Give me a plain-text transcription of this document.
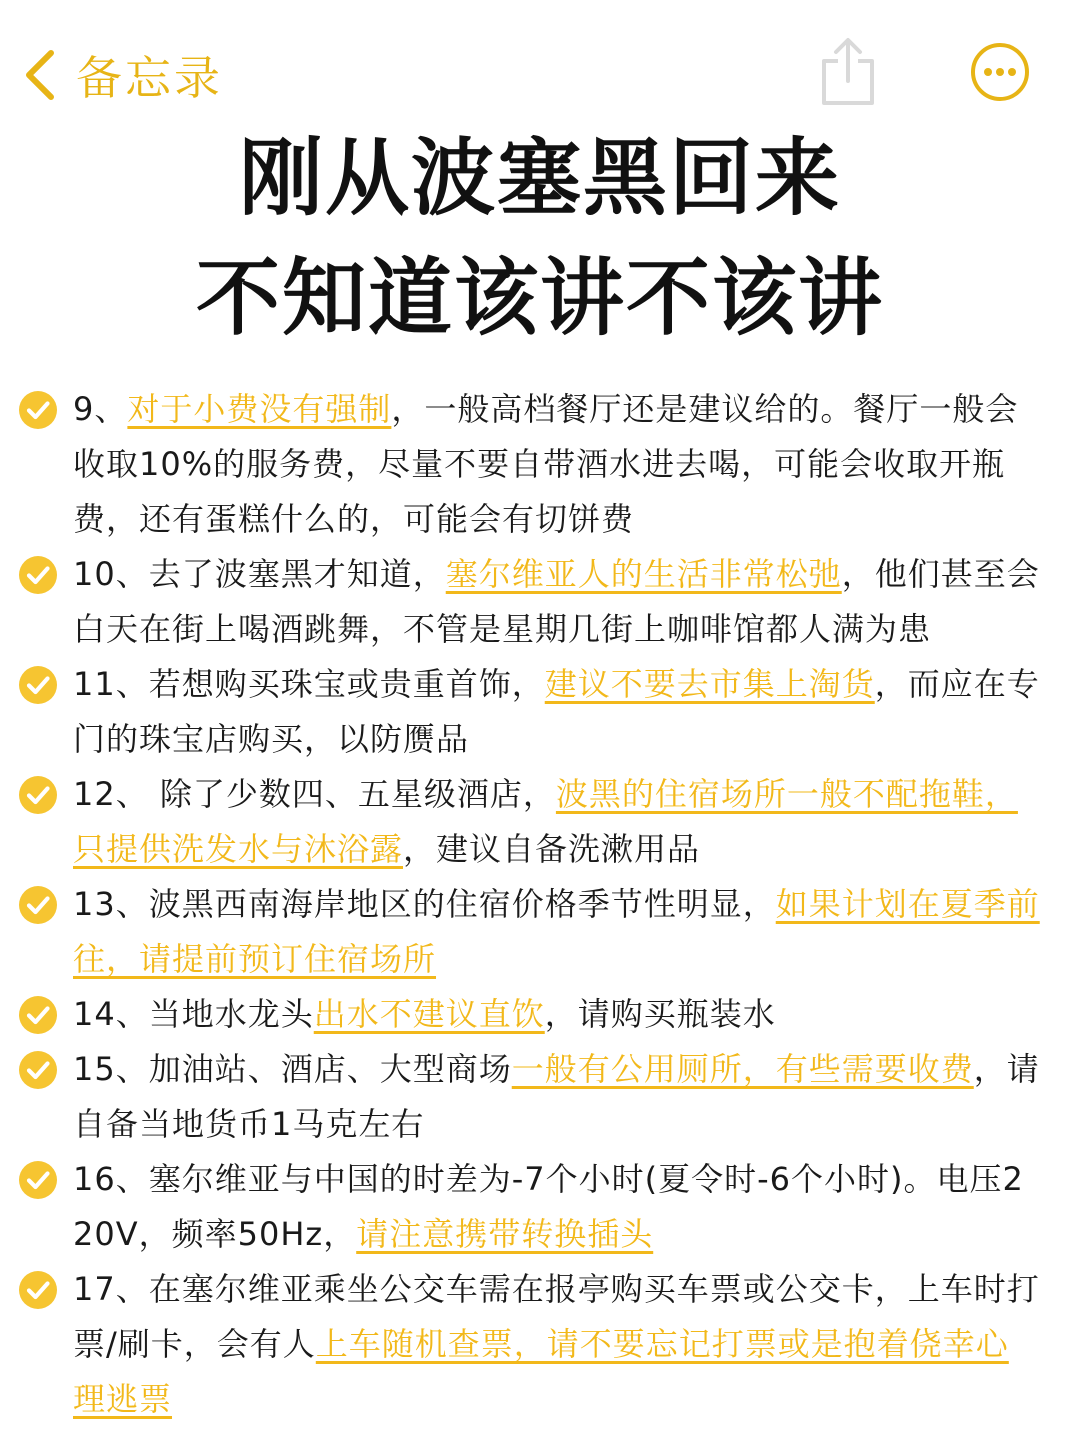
备忘录
刚从波塞黑回来
不知道该讲不该讲

9、对于小费没有强制，一般高档餐厅还是建议给的。餐厅一般会收取10%的服务费，尽量不要自带酒水进去喝，可能会收取开瓶费，还有蛋糕什么的，可能会有切饼费

10、去了波塞黑才知道，塞尔维亚人的生活非常松弛，他们甚至会白天在街上喝酒跳舞，不管是星期几街上咖啡馆都人满为患

11、若想购买珠宝或贵重首饰，建议不要去市集上淘货，而应在专门的珠宝店购买，以防赝品

12、 除了少数四、五星级酒店，波黑的住宿场所一般不配拖鞋，只提供洗发水与沐浴露，建议自备洗漱用品

13、波黑西南海岸地区的住宿价格季节性明显，如果计划在夏季前往，请提前预订住宿场所

14、当地水龙头出水不建议直饮，请购买瓶装水

15、加油站、酒店、大型商场一般有公用厕所，有些需要收费，请自备当地货币1马克左右

16、塞尔维亚与中国的时差为-7个小时(夏令时-6个小时)。电压220V，频率50Hz，请注意携带转换插头

17、在塞尔维亚乘坐公交车需在报亭购买车票或公交卡，上车时打票/刷卡，会有人上车随机查票，请不要忘记打票或是抱着侥幸心理逃票
